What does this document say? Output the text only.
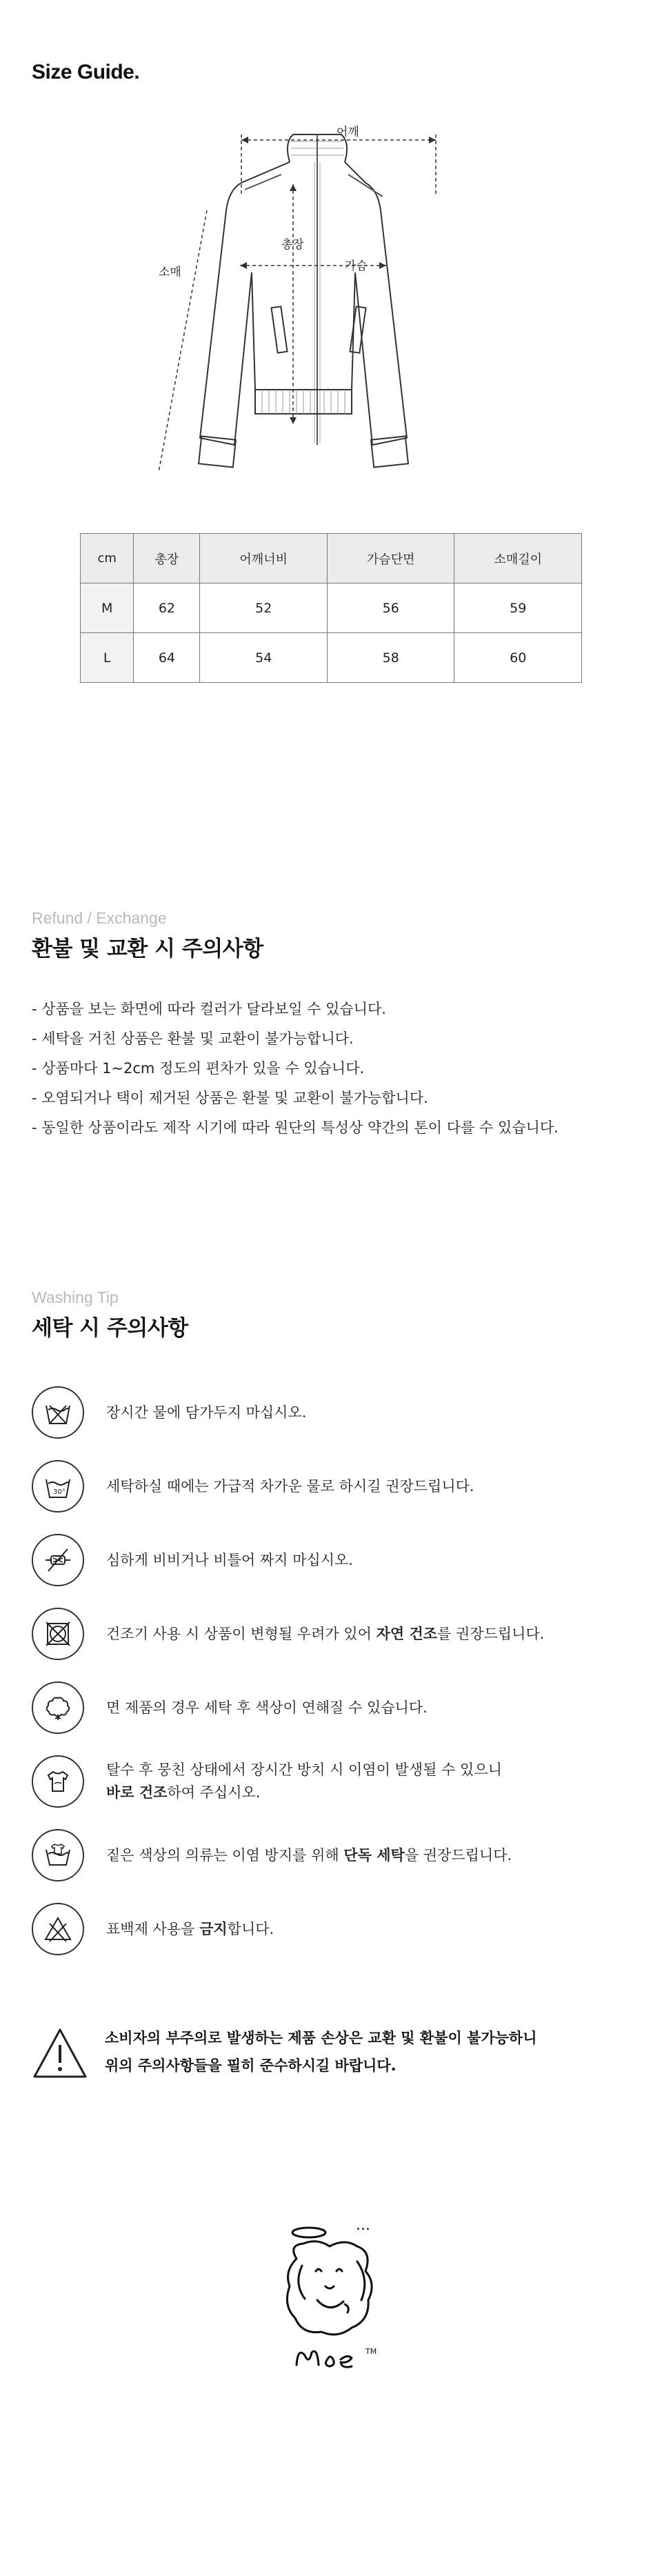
Size Guide.
어깨
총장
가슴
소매
cm	총장	어깨너비	가슴단면	소매길이
M	62	52	56	59
L	64	54	58	60
Refund / Exchange
환불 및 교환 시 주의사항
- 상품을 보는 화면에 따라 컬러가 달라보일 수 있습니다.
- 세탁을 거친 상품은 환불 및 교환이 불가능합니다.
- 상품마다 1~2cm 정도의 편차가 있을 수 있습니다.
- 오염되거나 택이 제거된 상품은 환불 및 교환이 불가능합니다.
- 동일한 상품이라도 제작 시기에 따라 원단의 특성상 약간의 톤이 다를 수 있습니다.
Washing Tip
세탁 시 주의사항
장시간 물에 담가두지 마십시오.
30°	세탁하실 때에는 가급적 차가운 물로 하시길 권장드립니다.
심하게 비비거나 비틀어 짜지 마십시오.
건조기 사용 시 상품이 변형될 우려가 있어 자연 건조를 권장드립니다.
면 제품의 경우 세탁 후 색상이 연해질 수 있습니다.
탈수 후 뭉친 상태에서 장시간 방치 시 이염이 발생될 수 있으니
바로 건조하여 주십시오.
짙은 색상의 의류는 이염 방지를 위해 단독 세탁을 권장드립니다.
표백제 사용을 금지합니다.
소비자의 부주의로 발생하는 제품 손상은 교환 및 환불이 불가능하니
위의 주의사항들을 필히 준수하시길 바랍니다.
...
TM
